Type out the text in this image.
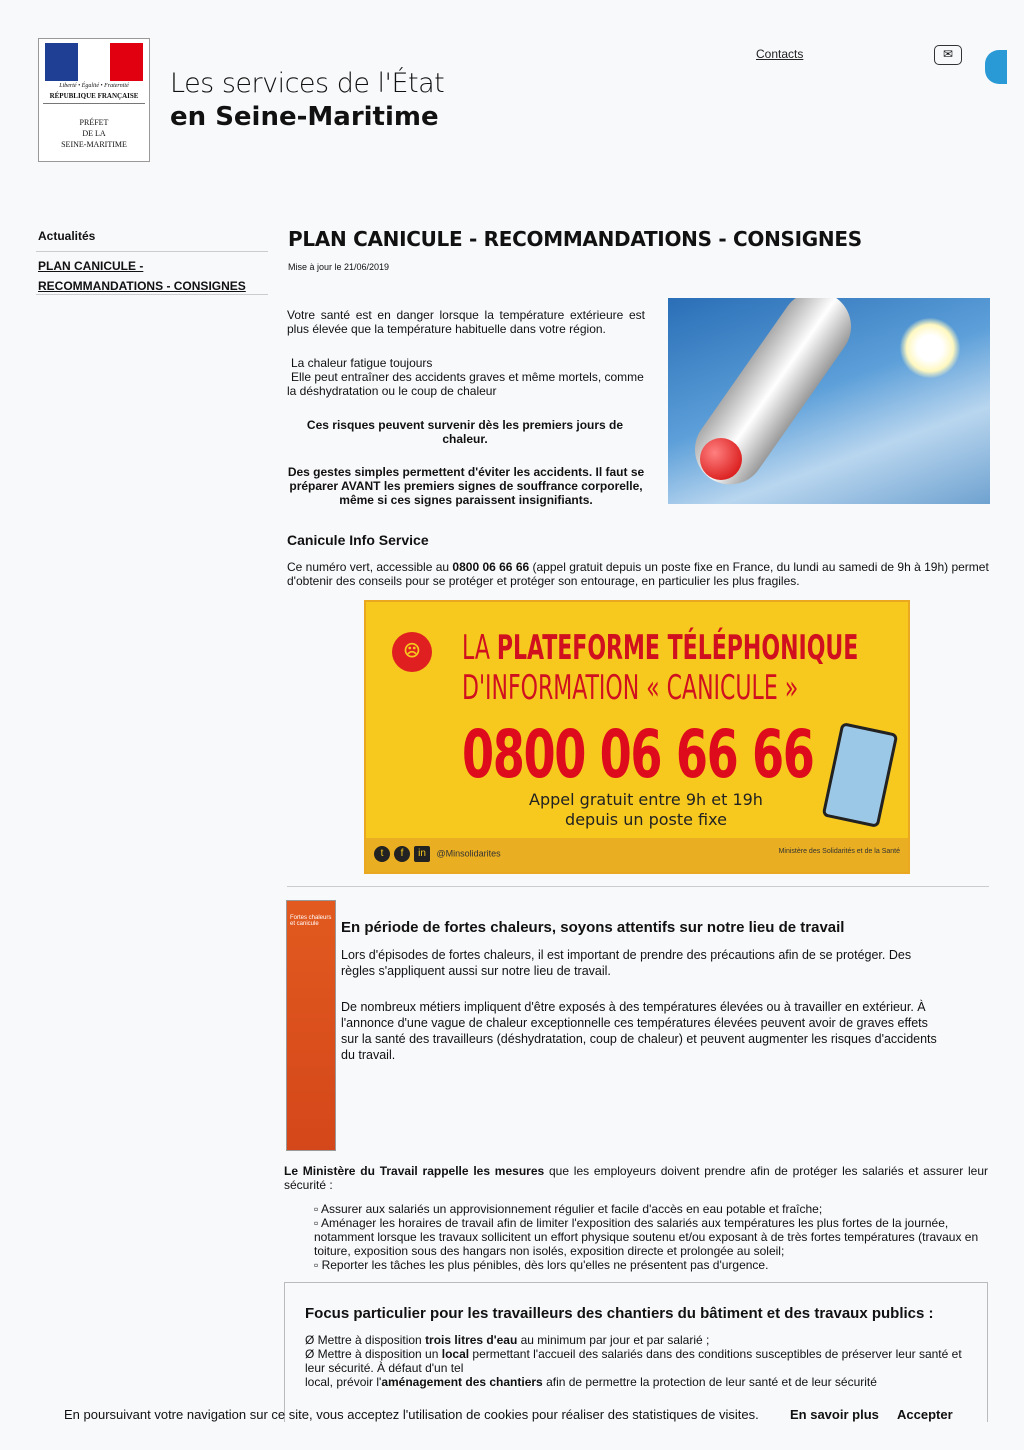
Liberté • Égalité • Fraternité
RÉPUBLIQUE FRANÇAISE
PRÉFET
DE LA
SEINE-MARITIME
Les services de l'État
en Seine-Maritime
Contacts	✉
Actualités
PLAN CANICULE - RECOMMANDATIONS - CONSIGNES
PLAN CANICULE - RECOMMANDATIONS - CONSIGNES
Mise à jour le 21/06/2019
Votre santé est en danger lorsque la température extérieure est plus élevée que la température habituelle dans votre région.
La chaleur fatigue toujours
Elle peut entraîner des accidents graves et même mortels, comme la déshydratation ou le coup de chaleur
Ces risques peuvent survenir dès les premiers jours de chaleur.
Des gestes simples permettent d'éviter les accidents. Il faut se préparer AVANT les premiers signes de souffrance corporelle, même si ces signes paraissent insignifiants.
Canicule Info Service
Ce numéro vert, accessible au 0800 06 66 66 (appel gratuit depuis un poste fixe en France, du lundi au samedi de 9h à 19h) permet d'obtenir des conseils pour se protéger et protéger son entourage, en particulier les plus fragiles.
☹	LA PLATEFORME TÉLÉPHONIQUE
D'INFORMATION « CANICULE »
0800 06 66 66
Appel gratuit entre 9h et 19h
depuis un poste fixe
t f in @Minsolidarites	Ministère des Solidarités et de la Santé
Fortes chaleurs et canicule	En période de fortes chaleurs, soyons attentifs sur notre lieu de travail
Lors d'épisodes de fortes chaleurs, il est important de prendre des précautions afin de se protéger. Des règles s'appliquent aussi sur notre lieu de travail.
De nombreux métiers impliquent d'être exposés à des températures élevées ou à travailler en extérieur. À l'annonce d'une vague de chaleur exceptionnelle ces températures élevées peuvent avoir de graves effets sur la santé des travailleurs (déshydratation, coup de chaleur) et peuvent augmenter les risques d'accidents du travail.
Le Ministère du Travail rappelle les mesures que les employeurs doivent prendre afin de protéger les salariés et assurer leur sécurité :
▫ Assurer aux salariés un approvisionnement régulier et facile d'accès en eau potable et fraîche;
▫ Aménager les horaires de travail afin de limiter l'exposition des salariés aux températures les plus fortes de la journée, notamment lorsque les travaux sollicitent un effort physique soutenu et/ou exposant à de très fortes températures (travaux en toiture, exposition sous des hangars non isolés, exposition directe et prolongée au soleil;
▫ Reporter les tâches les plus pénibles, dès lors qu'elles ne présentent pas d'urgence.
Focus particulier pour les travailleurs des chantiers du bâtiment et des travaux publics :
Ø Mettre à disposition trois litres d'eau au minimum par jour et par salarié ;
Ø Mettre à disposition un local permettant l'accueil des salariés dans des conditions susceptibles de préserver leur santé et leur sécurité. À défaut d'un tel
local, prévoir l'aménagement des chantiers afin de permettre la protection de leur santé et de leur sécurité
En poursuivant votre navigation sur ce site, vous acceptez l'utilisation de cookies pour réaliser des statistiques de visites. En savoir plus Accepter
